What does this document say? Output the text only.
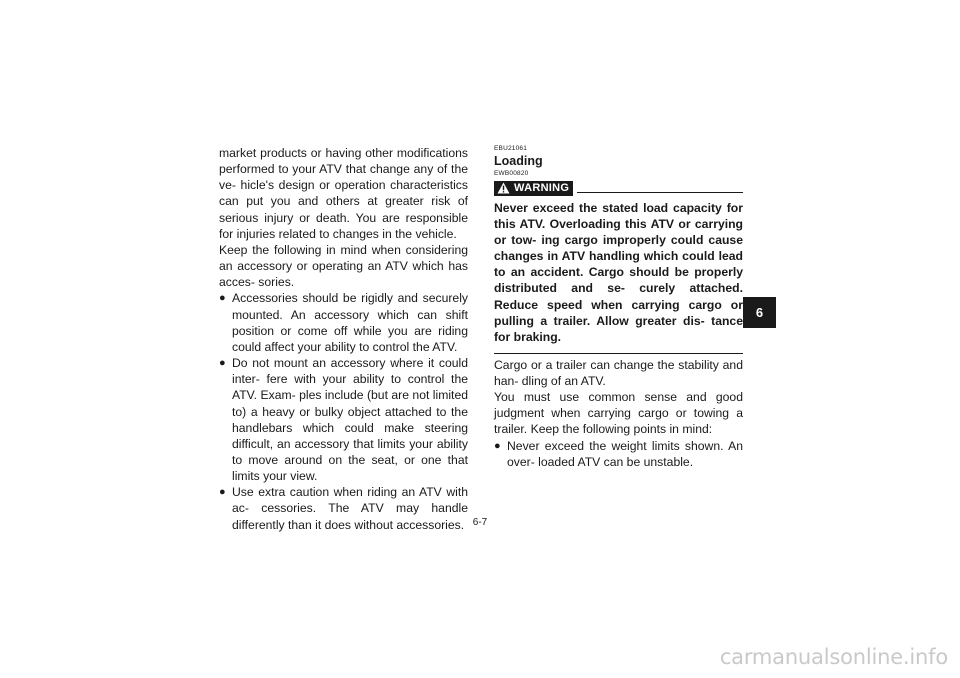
market products or having other modifications performed to your ATV that change any of the ve- hicle's design or operation characteristics can put you and others at greater risk of serious injury or death. You are responsible for injuries related to changes in the vehicle.

Keep the following in mind when considering an accessory or operating an ATV which has acces- sories.

● Accessories should be rigidly and securely mounted. An accessory which can shift position or come off while you are riding could affect your ability to control the ATV.
● Do not mount an accessory where it could inter- fere with your ability to control the ATV. Exam- ples include (but are not limited to) a heavy or bulky object attached to the handlebars which could make steering difficult, an accessory that limits your ability to move around on the seat, or one that limits your view.
● Use extra caution when riding an ATV with ac- cessories. The ATV may handle differently than it does without accessories.

EBU21061

Loading

EWB00820

WARNING

Never exceed the stated load capacity for this ATV. Overloading this ATV or carrying or tow- ing cargo improperly could cause changes in ATV handling which could lead to an accident. Cargo should be properly distributed and se- curely attached. Reduce speed when carrying cargo or pulling a trailer. Allow greater dis- tance for braking.

Cargo or a trailer can change the stability and han- dling of an ATV.

You must use common sense and good judgment when carrying cargo or towing a trailer. Keep the following points in mind:

● Never exceed the weight limits shown. An over- loaded ATV can be unstable.
6
6-7
carmanualsonline.info
